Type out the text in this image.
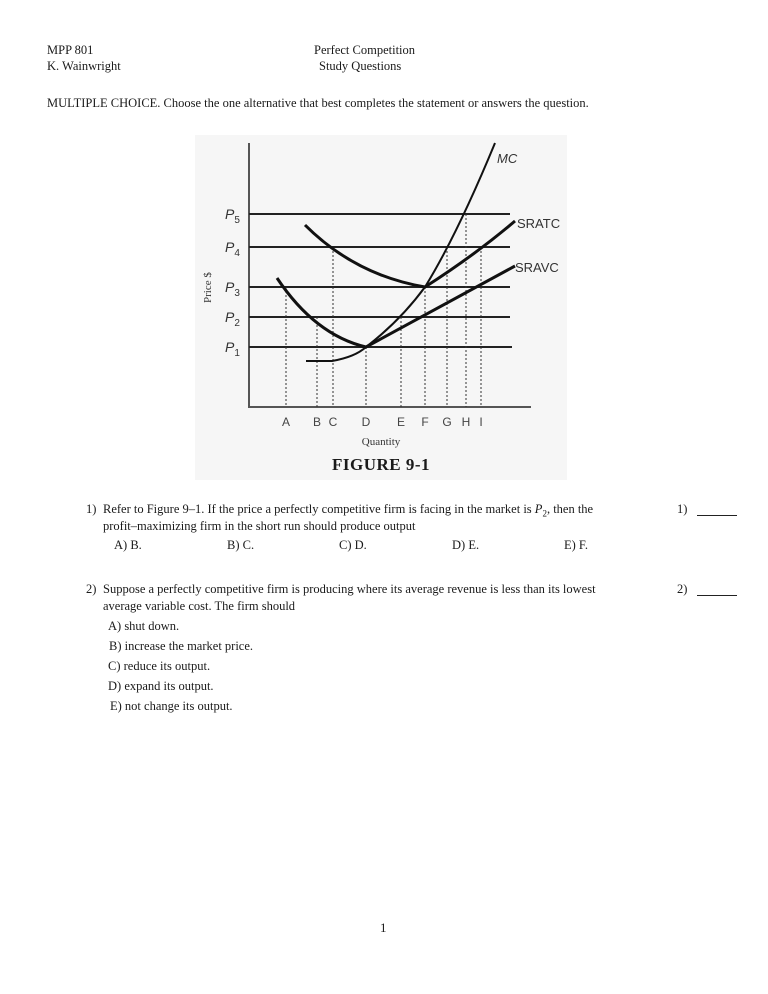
MPP 801
K. Wainwright
Perfect Competition
Study Questions
MULTIPLE CHOICE. Choose the one alternative that best completes the statement or answers the question.
MC
SRATC
SRAVC
$P_5$
$P_4$
$P_3$
$P_2$
$P_1$
Price $
A B C D E F G H I
Quantity
FIGURE 9-1
1) Refer to Figure 9–1. If the price a perfectly competitive firm is facing in the market is $P_2$, then the
profit–maximizing firm in the short run should produce output
A) B.	B) C.	C) D.	D) E.	E) F.
1)
2) Suppose a perfectly competitive firm is producing where its average revenue is less than its lowest
average variable cost. The firm should
A) shut down.
B) increase the market price.
C) reduce its output.
D) expand its output.
E) not change its output.
2)
1
